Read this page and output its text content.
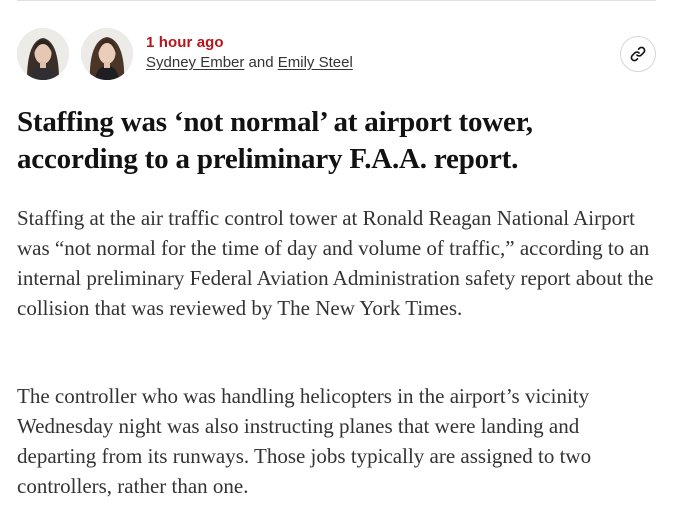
1 hour ago
Sydney Ember and Emily Steel
Staffing was ‘not normal’ at airport tower, according to a preliminary F.A.A. report.

Staffing at the air traffic control tower at Ronald Reagan National Airport was “not normal for the time of day and volume of traffic,” according to an internal preliminary Federal Aviation Administration safety report about the collision that was reviewed by The New York Times.

The controller who was handling helicopters in the airport’s vicinity Wednesday night was also instructing planes that were landing and departing from its runways. Those jobs typically are assigned to two controllers, rather than one.
